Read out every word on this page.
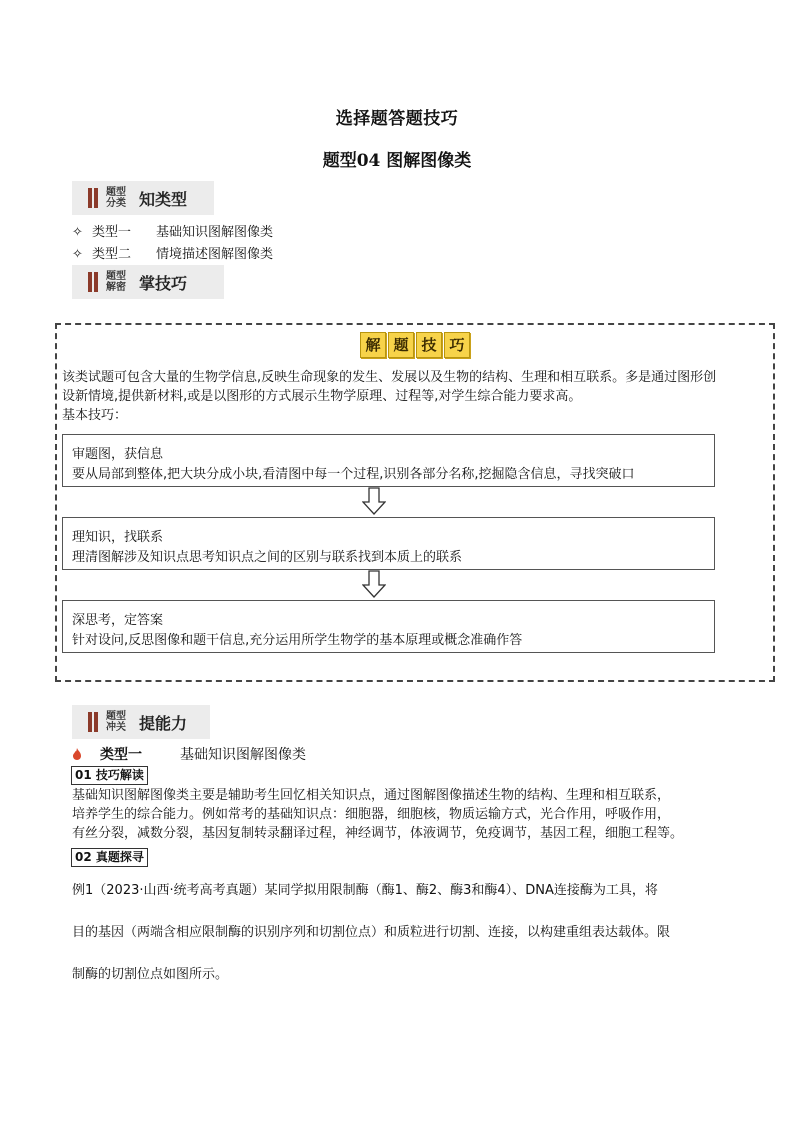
选择题答题技巧
题型04 图解图像类
题型
分类 知类型
✧ 类型一 基础知识图解图像类
✧ 类型二 情境描述图解图像类
题型
解密 掌技巧
解 题 技 巧
该类试题可包含大量的生物学信息,反映生命现象的发生、发展以及生物的结构、生理和相互联系。多是通过图形创
设新情境,提供新材料,或是以图形的方式展示生物学原理、过程等,对学生综合能力要求高。
基本技巧：
审题图，获信息
要从局部到整体,把大块分成小块,看清图中每一个过程,识别各部分名称,挖掘隐含信息，寻找突破口
理知识，找联系
理清图解涉及知识点思考知识点之间的区别与联系找到本质上的联系
深思考，定答案
针对设问,反思图像和题干信息,充分运用所学生物学的基本原理或概念准确作答
题型
冲关 提能力
类型一	基础知识图解图像类
01 技巧解读
基础知识图解图像类主要是辅助考生回忆相关知识点，通过图解图像描述生物的结构、生理和相互联系，
培养学生的综合能力。例如常考的基础知识点：细胞器，细胞核，物质运输方式，光合作用，呼吸作用，
有丝分裂，减数分裂，基因复制转录翻译过程，神经调节，体液调节，免疫调节，基因工程，细胞工程等。
02 真题探寻
例1（2023·山西·统考高考真题）某同学拟用限制酶（酶1、酶2、酶3和酶4）、DNA连接酶为工具，将
目的基因（两端含相应限制酶的识别序列和切割位点）和质粒进行切割、连接，以构建重组表达载体。限
制酶的切割位点如图所示。
